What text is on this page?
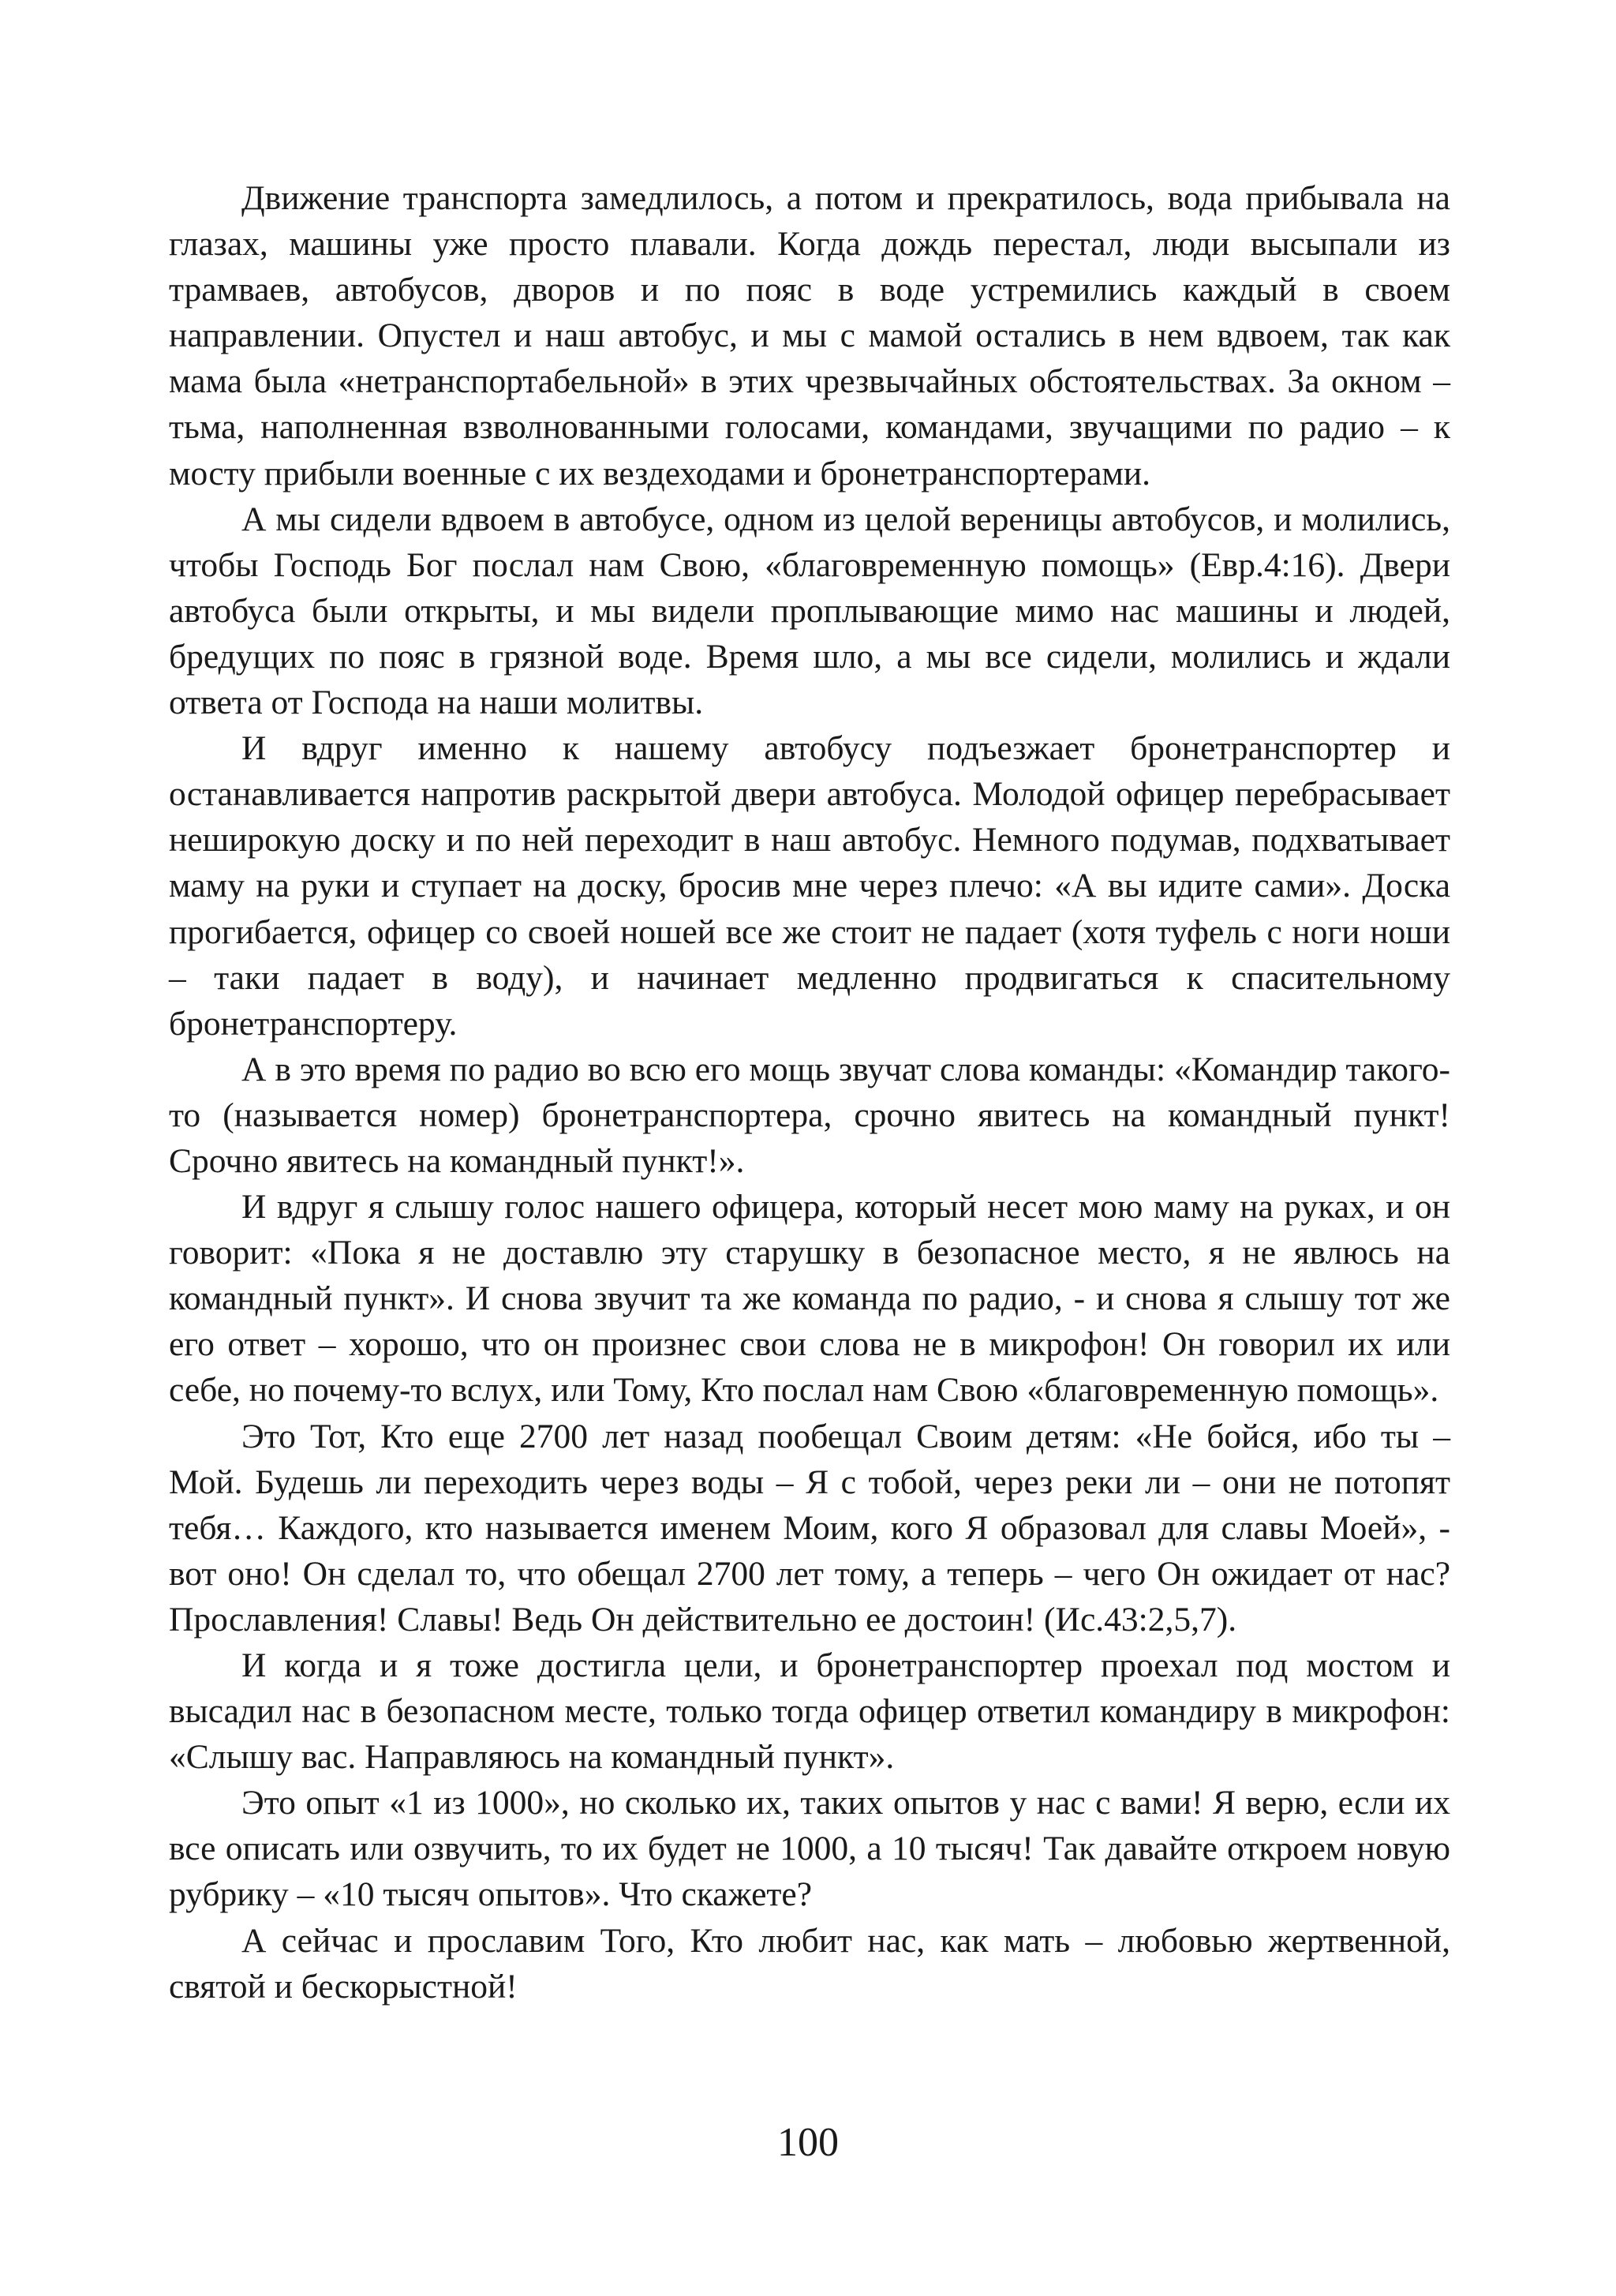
Движение транспорта замедлилось, а потом и прекратилось, вода прибывала на глазах, машины уже просто плавали. Когда дождь перестал, люди высыпали из трамваев, автобусов, дворов и по пояс в воде устремились каждый в своем направлении. Опустел и наш автобус, и мы с мамой остались в нем вдвоем, так как мама была «нетранспортабельной» в этих чрезвычайных обстоятельствах. За окном – тьма, наполненная взволнованными голосами, командами, звучащими по радио – к мосту прибыли военные с их вездеходами и бронетранспортерами.

А мы сидели вдвоем в автобусе, одном из целой вереницы автобусов, и молились, чтобы Господь Бог послал нам Свою, «благовременную помощь» (Евр.4:16). Двери автобуса были открыты, и мы видели проплывающие мимо нас машины и людей, бредущих по пояс в грязной воде. Время шло, а мы все сидели, молились и ждали ответа от Господа на наши молитвы.

И вдруг именно к нашему автобусу подъезжает бронетранспортер и останавливается напротив раскрытой двери автобуса. Молодой офицер перебрасывает неширокую доску и по ней переходит в наш автобус. Немного подумав, подхватывает маму на руки и ступает на доску, бросив мне через плечо: «А вы идите сами». Доска прогибается, офицер со своей ношей все же стоит не падает (хотя туфель с ноги ноши – таки падает в воду), и начинает медленно продвигаться к спасительному бронетранспортеру.

А в это время по радио во всю его мощь звучат слова команды: «Командир такого-то (называется номер) бронетранспортера, срочно явитесь на командный пункт! Срочно явитесь на командный пункт!».

И вдруг я слышу голос нашего офицера, который несет мою маму на руках, и он говорит: «Пока я не доставлю эту старушку в безопасное место, я не явлюсь на командный пункт». И снова звучит та же команда по радио, - и снова я слышу тот же его ответ – хорошо, что он произнес свои слова не в микрофон! Он говорил их или себе, но почему-то вслух, или Тому, Кто послал нам Свою «благовременную помощь».

Это Тот, Кто еще 2700 лет назад пообещал Своим детям: «Не бойся, ибо ты – Мой. Будешь ли переходить через воды – Я с тобой, через реки ли – они не потопят тебя… Каждого, кто называется именем Моим, кого Я образовал для славы Моей», - вот оно! Он сделал то, что обещал 2700 лет тому, а теперь – чего Он ожидает от нас? Прославления! Славы! Ведь Он действительно ее достоин! (Ис.43:2,5,7).

И когда и я тоже достигла цели, и бронетранспортер проехал под мостом и высадил нас в безопасном месте, только тогда офицер ответил командиру в микрофон: «Слышу вас. Направляюсь на командный пункт».

Это опыт «1 из 1000», но сколько их, таких опытов у нас с вами! Я верю, если их все описать или озвучить, то их будет не 1000, а 10 тысяч! Так давайте откроем новую рубрику – «10 тысяч опытов». Что скажете?

А сейчас и прославим Того, Кто любит нас, как мать – любовью жертвенной, святой и бескорыстной!

100
